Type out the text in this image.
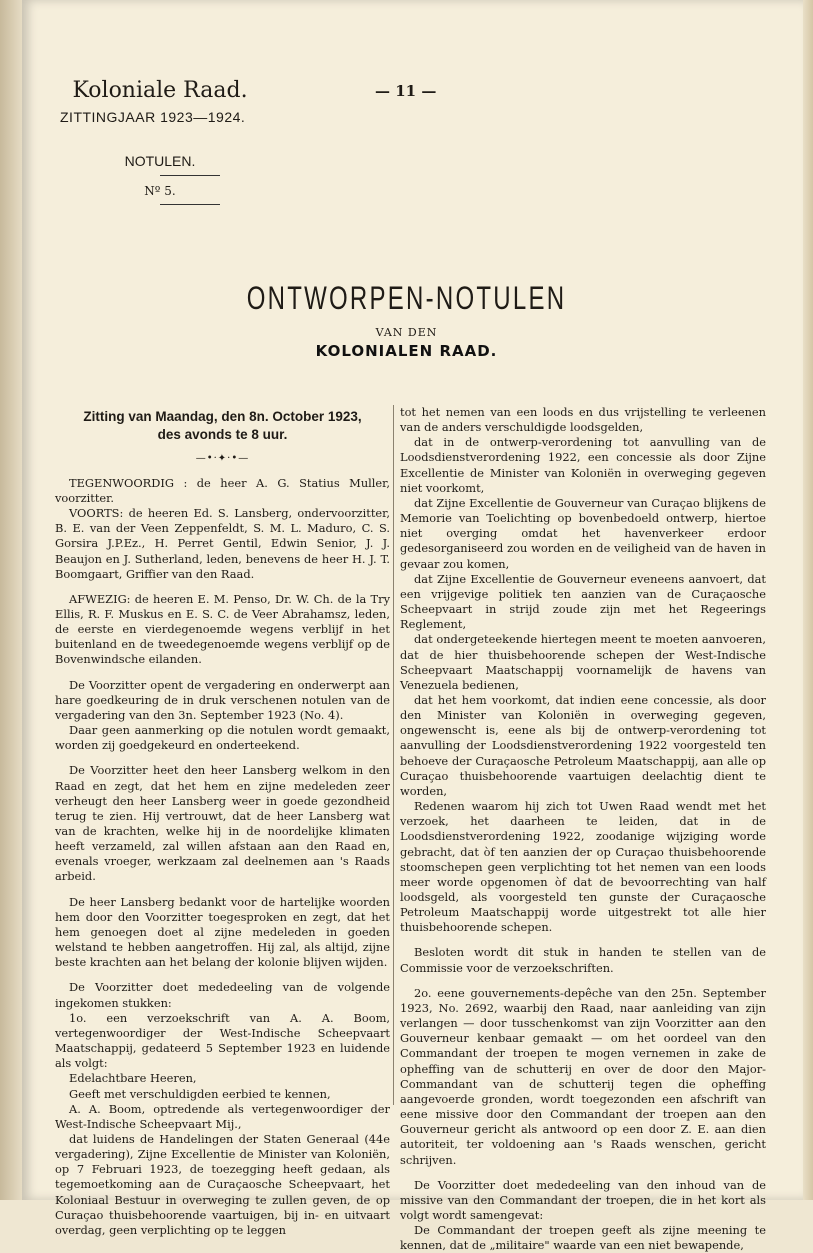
Koloniale Raad.
ZITTINGJAAR 1923—1924.
NOTULEN.
Nº 5.
— 11 —
ONTWORPEN-NOTULEN
VAN DEN
KOLONIALEN RAAD.
Zitting van Maandag, den 8n. October 1923,
des avonds te 8 uur.
—•·✦·•—

TEGENWOORDIG : de heer A. G. Statius Muller, voorzitter.

VOORTS: de heeren Ed. S. Lansberg, ondervoorzitter, B. E. van der Veen Zeppenfeldt, S. M. L. Maduro, C. S. Gorsira J.P.Ez., H. Perret Gentil, Edwin Senior, J. J. Beaujon en J. Sutherland, leden, benevens de heer H. J. T. Boomgaart, Griffier van den Raad.

AFWEZIG: de heeren E. M. Penso, Dr. W. Ch. de la Try Ellis, R. F. Muskus en E. S. C. de Veer Abrahamsz, leden, de eerste en vierdegenoemde wegens verblijf in het buitenland en de tweedegenoemde wegens verblijf op de Bovenwindsche eilanden.

De Voorzitter opent de vergadering en onderwerpt aan hare goedkeuring de in druk verschenen notulen van de vergadering van den 3n. September 1923 (No. 4).

Daar geen aanmerking op die notulen wordt gemaakt, worden zij goedgekeurd en onderteekend.

De Voorzitter heet den heer Lansberg welkom in den Raad en zegt, dat het hem en zijne medeleden zeer verheugt den heer Lansberg weer in goede gezondheid terug te zien. Hij vertrouwt, dat de heer Lansberg wat van de krachten, welke hij in de noordelijke klimaten heeft verzameld, zal willen afstaan aan den Raad en, evenals vroeger, werkzaam zal deelnemen aan 's Raads arbeid.

De heer Lansberg bedankt voor de hartelijke woorden hem door den Voorzitter toegesproken en zegt, dat het hem genoegen doet al zijne medeleden in goeden welstand te hebben aangetroffen. Hij zal, als altijd, zijne beste krachten aan het belang der kolonie blijven wijden.

De Voorzitter doet mededeeling van de volgende ingekomen stukken:

1o. een verzoekschrift van A. A. Boom, vertegenwoordiger der West-Indische Scheepvaart Maatschappij, gedateerd 5 September 1923 en luidende als volgt:

Edelachtbare Heeren,

Geeft met verschuldigden eerbied te kennen,

A. A. Boom, optredende als vertegenwoordiger der West-Indische Scheepvaart Mij.,

dat luidens de Handelingen der Staten Generaal (44e vergadering), Zijne Excellentie de Minister van Koloniën, op 7 Februari 1923, de toezegging heeft gedaan, als tegemoetkoming aan de Curaçaosche Scheepvaart, het Koloniaal Bestuur in overweging te zullen geven, de op Curaçao thuisbehoorende vaartuigen, bij in- en uitvaart overdag, geen verplichting op te leggen

tot het nemen van een loods en dus vrijstelling te verleenen van de anders verschuldigde loodsgelden,

dat in de ontwerp-verordening tot aanvulling van de Loodsdienstverordening 1922, een concessie als door Zijne Excellentie de Minister van Koloniën in overweging gegeven niet voorkomt,

dat Zijne Excellentie de Gouverneur van Curaçao blijkens de Memorie van Toelichting op bovenbedoeld ontwerp, hiertoe niet overging omdat het havenverkeer erdoor gedesorganiseerd zou worden en de veiligheid van de haven in gevaar zou komen,

dat Zijne Excellentie de Gouverneur eveneens aanvoert, dat een vrijgevige politiek ten aanzien van de Curaçaosche Scheepvaart in strijd zoude zijn met het Regeerings Reglement,

dat ondergeteekende hiertegen meent te moeten aanvoeren, dat de hier thuisbehoorende schepen der West-Indische Scheepvaart Maatschappij voornamelijk de havens van Venezuela bedienen,

dat het hem voorkomt, dat indien eene concessie, als door den Minister van Koloniën in overweging gegeven, ongewenscht is, eene als bij de ontwerp-verordening tot aanvulling der Loodsdienstverordening 1922 voorgesteld ten behoeve der Curaçaosche Petroleum Maatschappij, aan alle op Curaçao thuisbehoorende vaartuigen deelachtig dient te worden,

Redenen waarom hij zich tot Uwen Raad wendt met het verzoek, het daarheen te leiden, dat in de Loodsdienstverordening 1922, zoodanige wijziging worde gebracht, dat òf ten aanzien der op Curaçao thuisbehoorende stoomschepen geen verplichting tot het nemen van een loods meer worde opgenomen òf dat de bevoorrechting van half loodsgeld, als voorgesteld ten gunste der Curaçaosche Petroleum Maatschappij worde uitgestrekt tot alle hier thuisbehoorende schepen.

Besloten wordt dit stuk in handen te stellen van de Commissie voor de verzoekschriften.

2o. eene gouvernements-depêche van den 25n. September 1923, No. 2692, waarbij den Raad, naar aanleiding van zijn verlangen — door tusschenkomst van zijn Voorzitter aan den Gouverneur kenbaar gemaakt — om het oordeel van den Commandant der troepen te mogen vernemen in zake de opheffing van de schutterij en over de door den Major-Commandant van de schutterij tegen die opheffing aangevoerde gronden, wordt toegezonden een afschrift van eene missive door den Commandant der troepen aan den Gouverneur gericht als antwoord op een door Z. E. aan dien autoriteit, ter voldoening aan 's Raads wenschen, gericht schrijven.

De Voorzitter doet mededeeling van den inhoud van de missive van den Commandant der troepen, die in het kort als volgt wordt samengevat:

De Commandant der troepen geeft als zijne meening te kennen, dat de „militaire" waarde van een niet bewapende,
